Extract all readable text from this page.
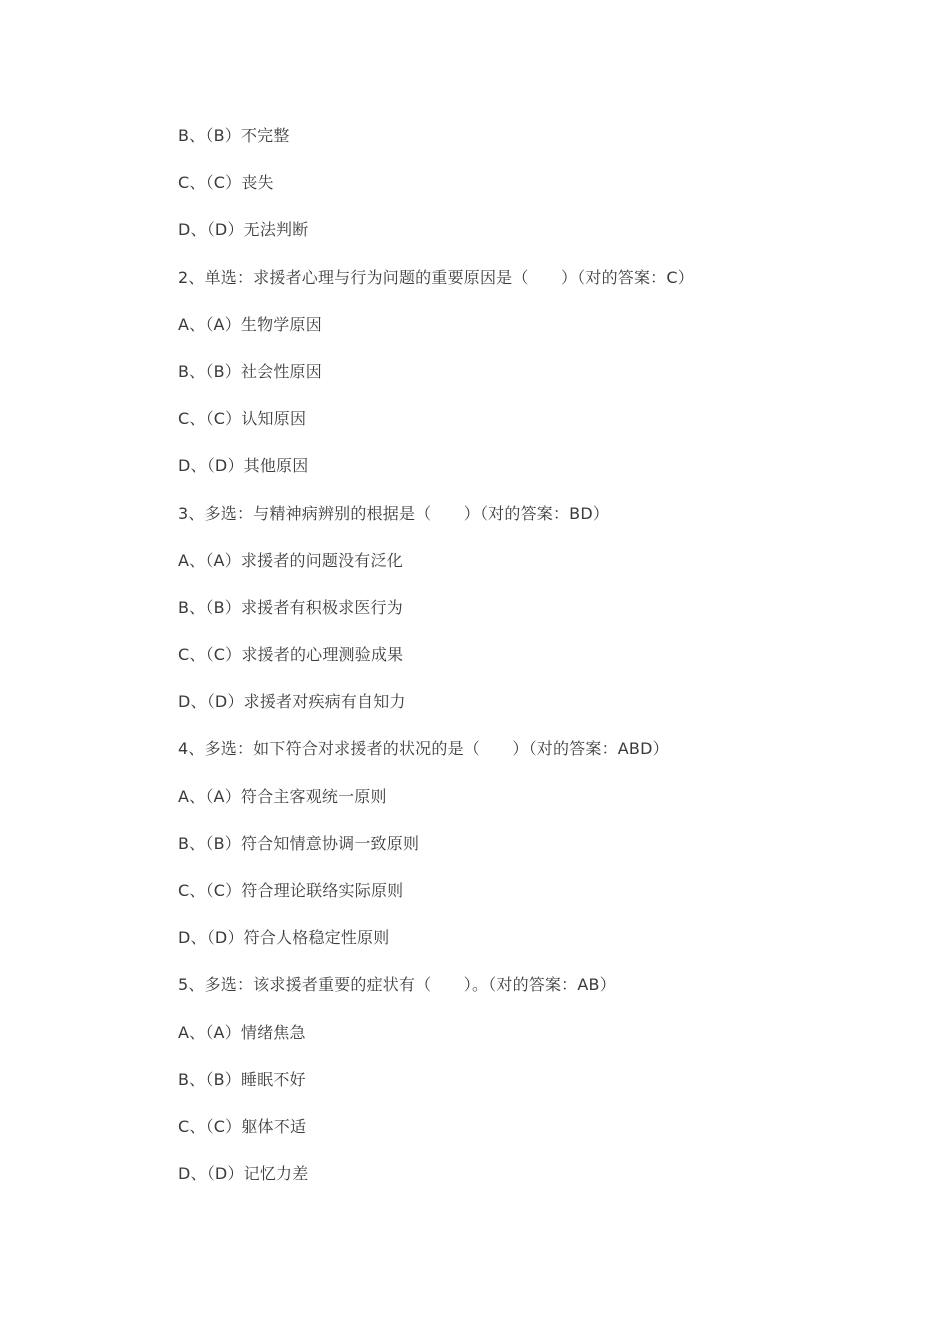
B、（B）不完整
C、（C）丧失
D、（D）无法判断
2、单选：求援者心理与行为问题的重要原因是（　　）（对的答案：C）
A、（A）生物学原因
B、（B）社会性原因
C、（C）认知原因
D、（D）其他原因
3、多选：与精神病辨别的根据是（　　）（对的答案：BD）
A、（A）求援者的问题没有泛化
B、（B）求援者有积极求医行为
C、（C）求援者的心理测验成果
D、（D）求援者对疾病有自知力
4、多选：如下符合对求援者的状况的是（　　）（对的答案：ABD）
A、（A）符合主客观统一原则
B、（B）符合知情意协调一致原则
C、（C）符合理论联络实际原则
D、（D）符合人格稳定性原则
5、多选：该求援者重要的症状有（　　）。（对的答案：AB）
A、（A）情绪焦急
B、（B）睡眠不好
C、（C）躯体不适
D、（D）记忆力差
